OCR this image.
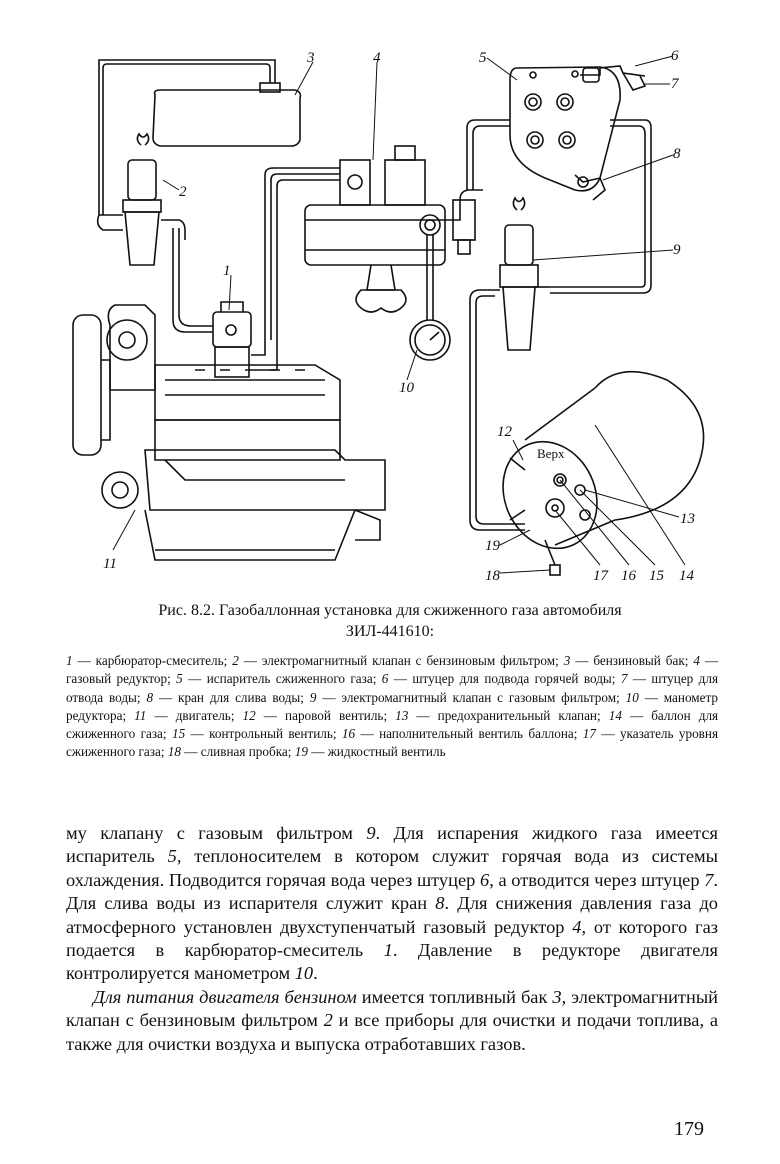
1
2
3	4	5	6
7
8
9
10
11
12
13
14
15
16
17
18
19
Верх
Рис. 8.2. Газобаллонная установка для сжиженного газа автомобиля
ЗИЛ-441610:
1 — карбюратор-смеситель; 2 — электромагнитный клапан с бензиновым фильтром; 3 — бензиновый бак; 4 — газовый редуктор; 5 — испаритель сжиженного газа; 6 — штуцер для подвода горячей воды; 7 — штуцер для отвода воды; 8 — кран для слива воды; 9 — электромагнитный клапан с газовым фильтром; 10 — манометр редуктора; 11 — двигатель; 12 — паровой вентиль; 13 — предохранительный клапан; 14 — баллон для сжиженного газа; 15 — контрольный вентиль; 16 — наполнительный вентиль баллона; 17 — указатель уровня сжиженного газа; 18 — сливная пробка; 19 — жидкостный вентиль

му клапану с газовым фильтром 9. Для испарения жидкого газа имеется испаритель 5, теплоносителем в котором служит горячая вода из системы охлаждения. Подводится горячая вода через штуцер 6, а отводится через штуцер 7. Для слива воды из испарителя служит кран 8. Для снижения давления газа до атмосферного установлен двухступенчатый газовый редуктор 4, от которого газ подается в карбюратор-смеситель 1. Давление в редукторе двигателя контролируется манометром 10.

Для питания двигателя бензином имеется топливный бак 3, электромагнитный клапан с бензиновым фильтром 2 и все приборы для очистки и подачи топлива, а также для очистки воздуха и выпуска отработавших газов.

179
